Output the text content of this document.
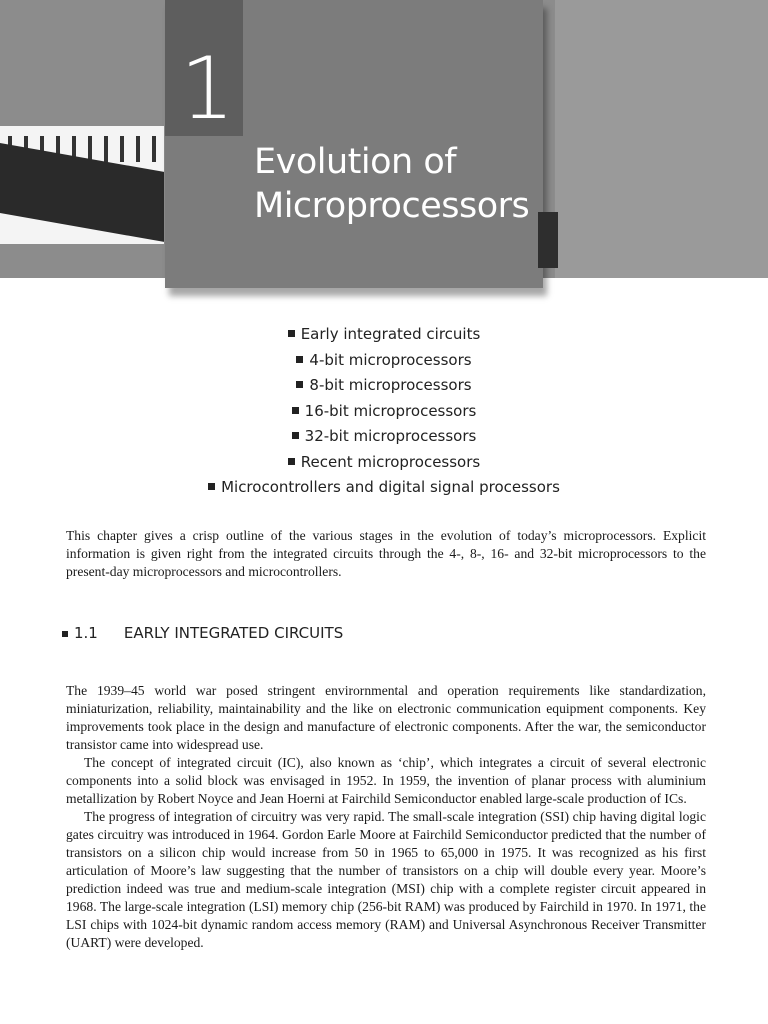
1
Evolution of
Microprocessors
Early integrated circuits
4-bit microprocessors
8-bit microprocessors
16-bit microprocessors
32-bit microprocessors
Recent microprocessors
Microcontrollers and digital signal processors

This chapter gives a crisp outline of the various stages in the evolution of today’s microprocessors. Explicit information is given right from the integrated circuits through the 4-, 8-, 16- and 32-bit microprocessors to the present-day microprocessors and microcontrollers.

1.1 EARLY INTEGRATED CIRCUITS

The 1939–45 world war posed stringent envirornmental and operation requirements like standardization, miniaturization, reliability, maintainability and the like on electronic communication equipment components. Key improvements took place in the design and manufacture of electronic components. After the war, the semiconductor transistor came into widespread use.

The concept of integrated circuit (IC), also known as ‘chip’, which integrates a circuit of several electronic components into a solid block was envisaged in 1952. In 1959, the invention of planar process with aluminium metallization by Robert Noyce and Jean Hoerni at Fairchild Semiconductor enabled large-scale production of ICs.

The progress of integration of circuitry was very rapid. The small-scale integration (SSI) chip having digital logic gates circuitry was introduced in 1964. Gordon Earle Moore at Fairchild Semiconductor predicted that the number of transistors on a silicon chip would increase from 50 in 1965 to 65,000 in 1975. It was recognized as his first articulation of Moore’s law suggesting that the number of transistors on a chip will double every year. Moore’s prediction indeed was true and medium-scale integration (MSI) chip with a complete register circuit appeared in 1968. The large-scale integration (LSI) memory chip (256-bit RAM) was produced by Fairchild in 1970. In 1971, the LSI chips with 1024-bit dynamic random access memory (RAM) and Universal Asynchronous Receiver Transmitter (UART) were developed.
